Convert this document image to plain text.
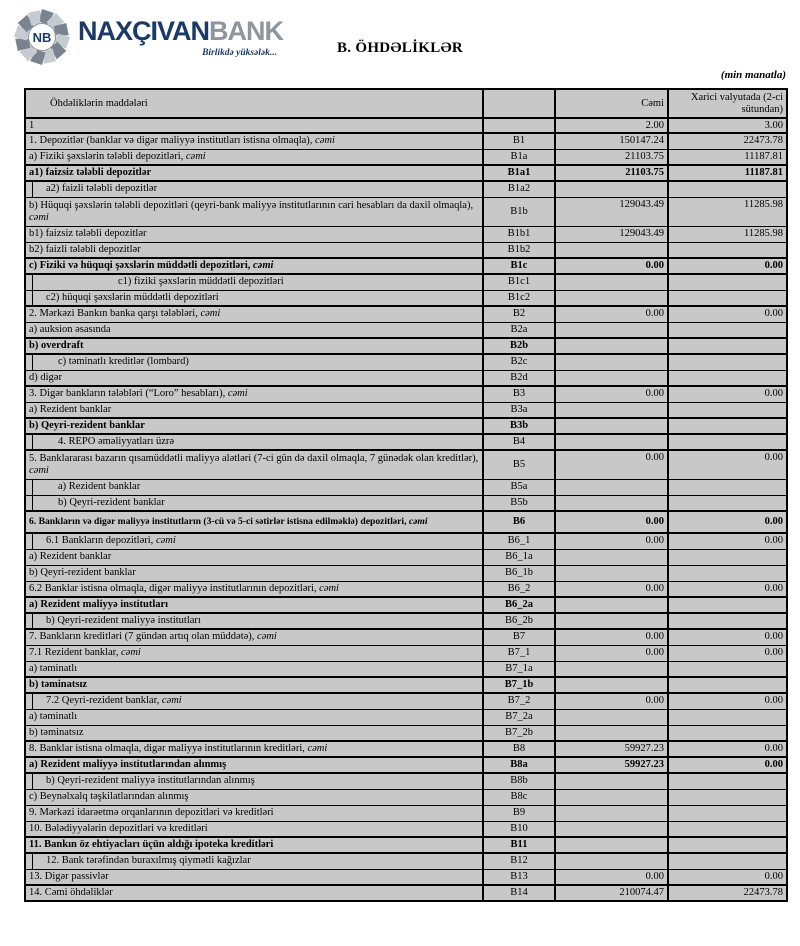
NB NAXÇIVANBANK
Birlikdə yüksələk...	B. ÖHDƏLİKLƏR
(min manatla)
Öhdəliklərin maddələri		Cəmi	Xarici valyutada (2-ci sütundan)
1		2.00	3.00
1. Depozitlər (banklar və digər maliyyə institutları istisna olmaqla), cəmi	B1	150147.24	22473.78
a) Fiziki şəxslərin tələbli depozitləri, cəmi	B1a	21103.75	11187.81
a1) faizsiz tələbli depozitlər	B1a1	21103.75	11187.81
a2) faizli tələbli depozitlər	B1a2		
b) Hüquqi şəxslərin tələbli depozitləri (qeyri-bank maliyyə institutlarının cari hesabları da daxil olmaqla), cəmi	B1b	129043.49	11285.98
b1) faizsiz tələbli depozitlər	B1b1	129043.49	11285.98
b2) faizli tələbli depozitlər	B1b2		
c) Fiziki və hüquqi şəxslərin müddətli depozitləri, cəmi	B1c	0.00	0.00
c1) fiziki şəxslərin müddətli depozitləri	B1c1		
c2) hüquqi şəxslərin müddətli depozitləri	B1c2		
2. Mərkəzi Bankın banka qarşı tələbləri, cəmi	B2	0.00	0.00
a) auksion əsasında	B2a		
b) overdraft	B2b		
c) təminatlı kreditlər (lombard)	B2c		
d) digər	B2d		
3. Digər bankların tələbləri (“Loro” hesabları), cəmi	B3	0.00	0.00
a) Rezident banklar	B3a		
b) Qeyri-rezident banklar	B3b		
4. REPO əməliyyatları üzrə	B4		
5. Banklararası bazarın qısamüddətli maliyyə alətləri (7-ci gün də daxil olmaqla, 7 günədək olan kreditlər), cəmi	B5	0.00	0.00
a) Rezident banklar	B5a		
b) Qeyri-rezident banklar	B5b		
6. Bankların və digər maliyyə institutların (3-cü və 5-ci sətirlər istisna edilməklə) depozitləri, cəmi	B6	0.00	0.00
6.1 Bankların depozitləri, cəmi	B6_1	0.00	0.00
a) Rezident banklar	B6_1a		
b) Qeyri-rezident banklar	B6_1b		
6.2 Banklar istisna olmaqla, digər maliyyə institutlarının depozitləri, cəmi	B6_2	0.00	0.00
a) Rezident maliyyə institutları	B6_2a		
b) Qeyri-rezident maliyyə institutları	B6_2b		
7. Bankların kreditləri (7 gündən artıq olan müddətə), cəmi	B7	0.00	0.00
7.1 Rezident banklar, cəmi	B7_1	0.00	0.00
a) təminatlı	B7_1a		
b) təminatsız	B7_1b		
7.2 Qeyri-rezident banklar, cəmi	B7_2	0.00	0.00
a) təminatlı	B7_2a		
b) təminatsız	B7_2b		
8. Banklar istisna olmaqla, digər maliyyə institutlarının kreditləri, cəmi	B8	59927.23	0.00
a) Rezident maliyyə institutlarından alınmış	B8a	59927.23	0.00
b) Qeyri-rezident maliyyə institutlarından alınmış	B8b		
c) Beynəlxalq təşkilatlarından alınmış	B8c		
9. Mərkəzi idarəetmə orqanlarının depozitləri və kreditləri	B9		
10. Bələdiyyələrin depozitləri və kreditləri	B10		
11. Bankın öz ehtiyacları üçün aldığı ipoteka kreditləri	B11		
12. Bank tərəfindən buraxılmış qiymətli kağızlar	B12		
13. Digər passivlər	B13	0.00	0.00
14. Cəmi öhdəliklər	B14	210074.47	22473.78
